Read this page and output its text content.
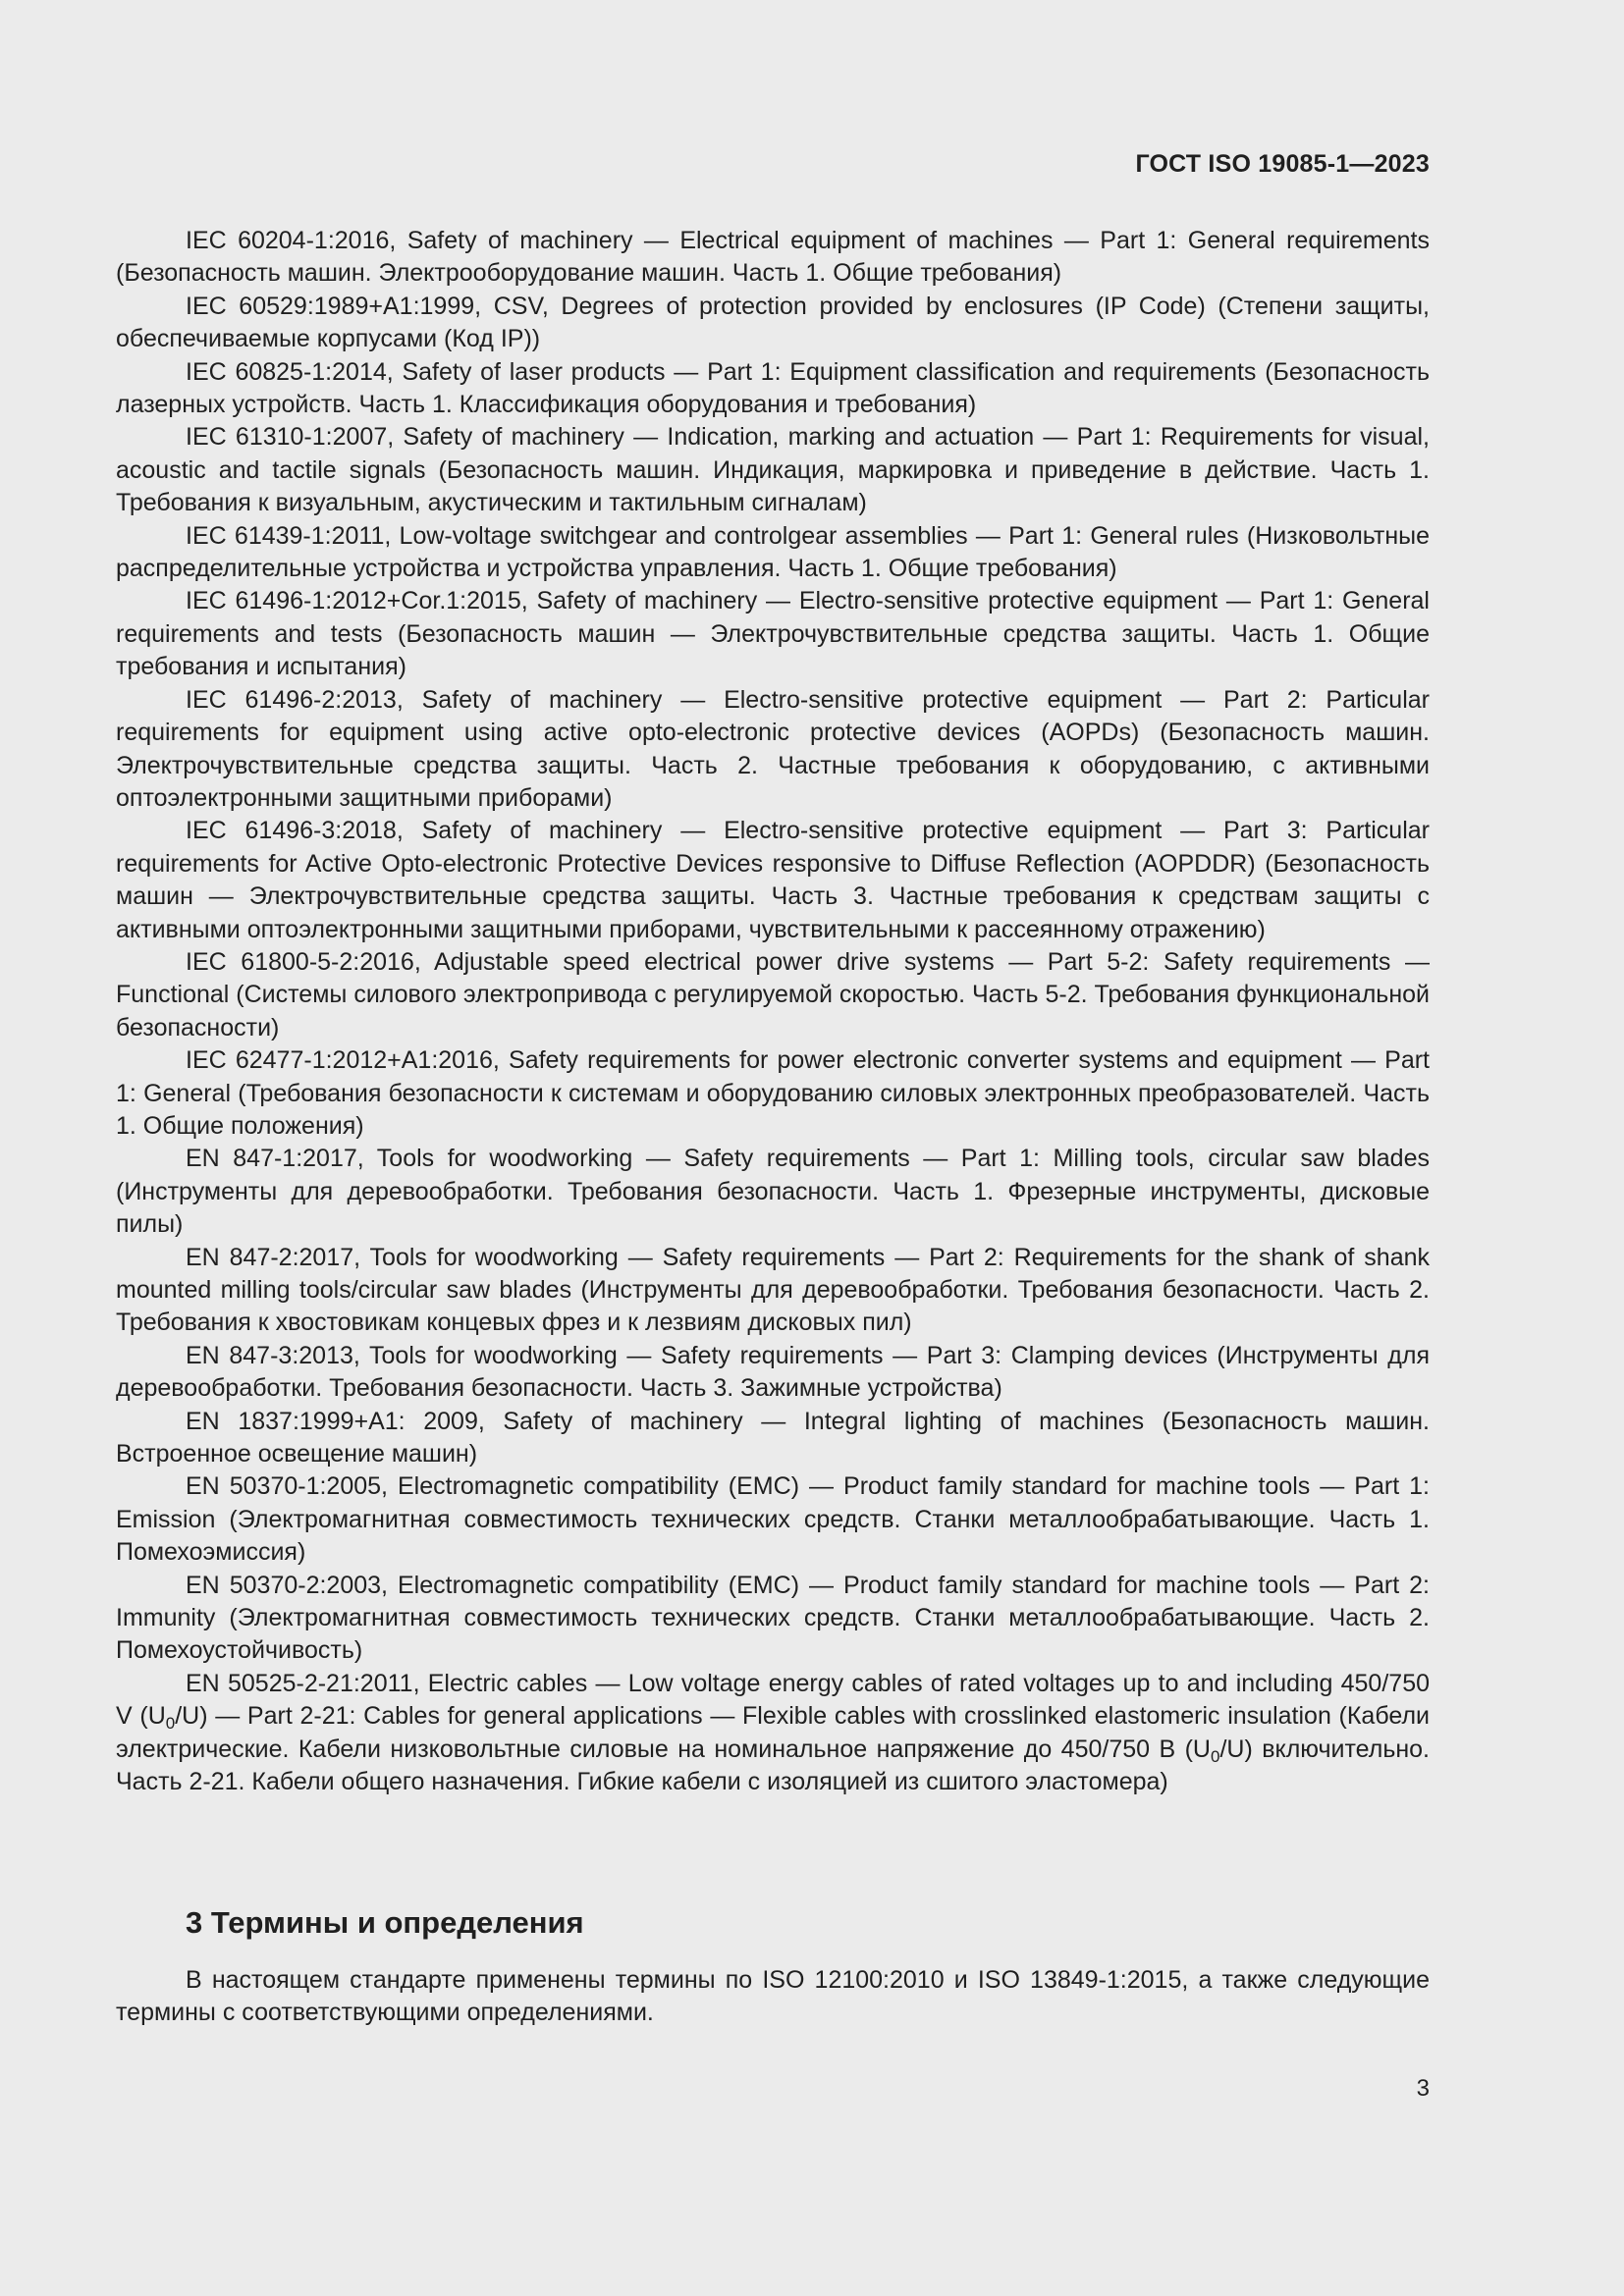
ГОСТ ISO 19085-1—2023

IEC 60204-1:2016, Safety of machinery — Electrical equipment of machines — Part 1: General requirements (Безопасность машин. Электрооборудование машин. Часть 1. Общие требования)

IEC 60529:1989+A1:1999, CSV, Degrees of protection provided by enclosures (IP Code) (Степени защиты, обеспечиваемые корпусами (Код IP))

IEC 60825-1:2014, Safety of laser products — Part 1: Equipment classification and requirements (Безопасность лазерных устройств. Часть 1. Классификация оборудования и требования)

IEC 61310-1:2007, Safety of machinery — Indication, marking and actuation — Part 1: Requirements for visual, acoustic and tactile signals (Безопасность машин. Индикация, маркировка и приведение в действие. Часть 1. Требования к визуальным, акустическим и тактильным сигналам)

IEC 61439-1:2011, Low-voltage switchgear and controlgear assemblies — Part 1: General rules (Низковольтные распределительные устройства и устройства управления. Часть 1. Общие требования)

IEC 61496-1:2012+Cor.1:2015, Safety of machinery — Electro-sensitive protective equipment — Part 1: General requirements and tests (Безопасность машин — Электрочувствительные средства защиты. Часть 1. Общие требования и испытания)

IEC 61496-2:2013, Safety of machinery — Electro-sensitive protective equipment — Part 2: Particular requirements for equipment using active opto-electronic protective devices (AOPDs) (Безопасность машин. Электрочувствительные средства защиты. Часть 2. Частные требования к оборудованию, с активными оптоэлектронными защитными приборами)

IEC 61496-3:2018, Safety of machinery — Electro-sensitive protective equipment — Part 3: Particular requirements for Active Opto-electronic Protective Devices responsive to Diffuse Reflection (AOPDDR) (Безопасность машин — Электрочувствительные средства защиты. Часть 3. Частные требования к средствам защиты с активными оптоэлектронными защитными приборами, чувствительными к рассеянному отражению)

IEC 61800-5-2:2016, Adjustable speed electrical power drive systems — Part 5-2: Safety requirements — Functional (Системы силового электропривода с регулируемой скоростью. Часть 5-2. Требования функциональной безопасности)

IEC 62477-1:2012+A1:2016, Safety requirements for power electronic converter systems and equipment — Part 1: General (Требования безопасности к системам и оборудованию силовых электронных преобразователей. Часть 1. Общие положения)

EN 847-1:2017, Tools for woodworking — Safety requirements — Part 1: Milling tools, circular saw blades (Инструменты для деревообработки. Требования безопасности. Часть 1. Фрезерные инструменты, дисковые пилы)

EN 847-2:2017, Tools for woodworking — Safety requirements — Part 2: Requirements for the shank of shank mounted milling tools/circular saw blades (Инструменты для деревообработки. Требования безопасности. Часть 2. Требования к хвостовикам концевых фрез и к лезвиям дисковых пил)

EN 847-3:2013, Tools for woodworking — Safety requirements — Part 3: Clamping devices (Инструменты для деревообработки. Требования безопасности. Часть 3. Зажимные устройства)

EN 1837:1999+A1: 2009, Safety of machinery — Integral lighting of machines (Безопасность машин. Встроенное освещение машин)

EN 50370-1:2005, Electromagnetic compatibility (EMC) — Product family standard for machine tools — Part 1: Emission (Электромагнитная совместимость технических средств. Станки металлообрабатывающие. Часть 1. Помехоэмиссия)

EN 50370-2:2003, Electromagnetic compatibility (EMC) — Product family standard for machine tools — Part 2: Immunity (Электромагнитная совместимость технических средств. Станки металлообрабатывающие. Часть 2. Помехоустойчивость)

EN 50525-2-21:2011, Electric cables — Low voltage energy cables of rated voltages up to and including 450/750 V $(U_0/U)$ — Part 2-21: Cables for general applications — Flexible cables with crosslinked elastomeric insulation (Кабели электрические. Кабели низковольтные силовые на номинальное напряжение до 450/750 В $(U_0/U)$ включительно. Часть 2-21. Кабели общего назначения. Гибкие кабели с изоляцией из сшитого эластомера)

3 Термины и определения

В настоящем стандарте применены термины по ISO 12100:2010 и ISO 13849-1:2015, а также следующие термины с соответствующими определениями.

3
